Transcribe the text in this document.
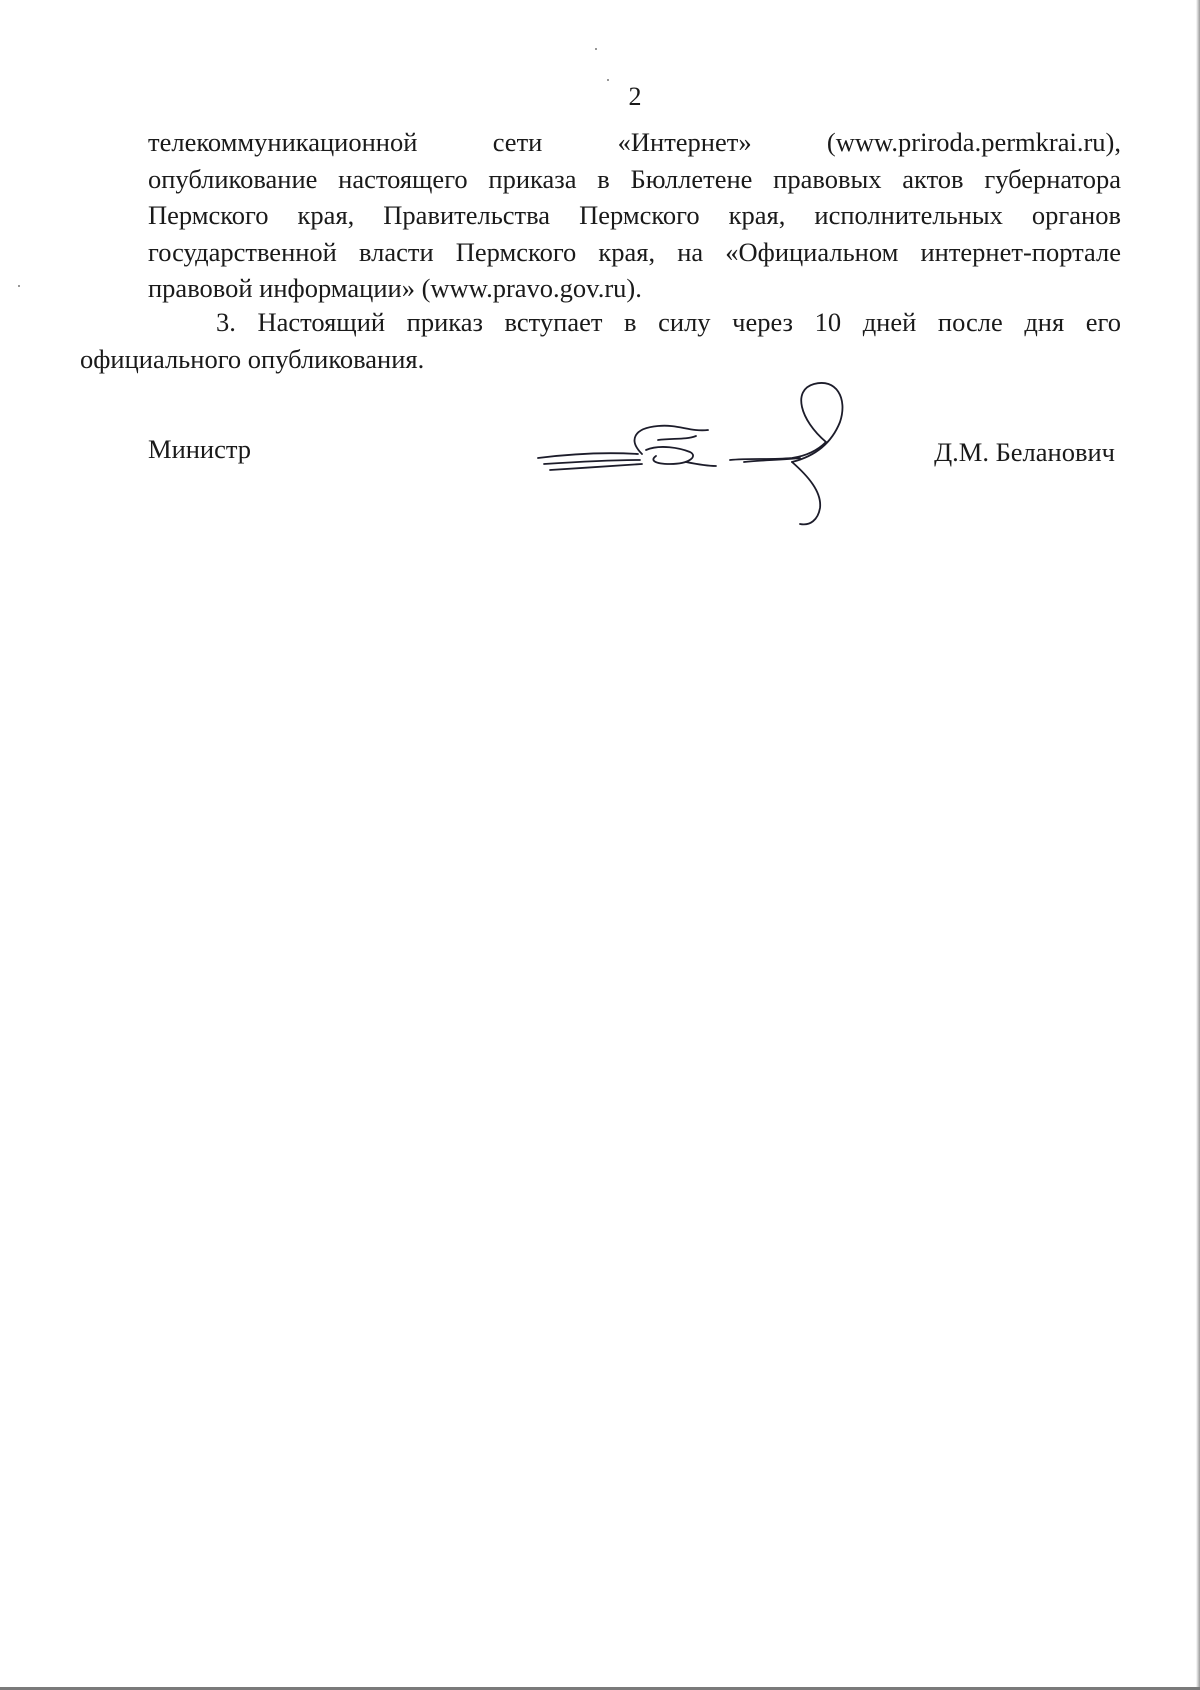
2
телекоммуникационной сети «Интернет» (www.priroda.permkrai.ru),
опубликование настоящего приказа в Бюллетене правовых актов губернатора
Пермского края, Правительства Пермского края, исполнительных органов
государственной власти Пермского края, на «Официальном интернет-портале
правовой информации» (www.pravo.gov.ru).
3. Настоящий приказ вступает в силу через 10 дней после дня его
официального опубликования.
Министр	Д.М. Беланович
